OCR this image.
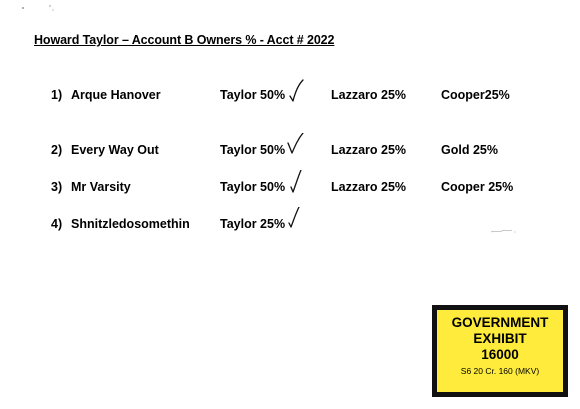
Howard Taylor – Account B Owners % - Acct # 2022
1) Arque Hanover	Taylor 50%	Lazzaro 25%	Cooper25%
2) Every Way Out	Taylor 50%	Lazzaro 25%	Gold 25%
3) Mr Varsity	Taylor 50%	Lazzaro 25%	Cooper 25%
4) Shnitzledosomethin Taylor 25%
GOVERNMENT
EXHIBIT
16000
S6 20 Cr. 160 (MKV)
